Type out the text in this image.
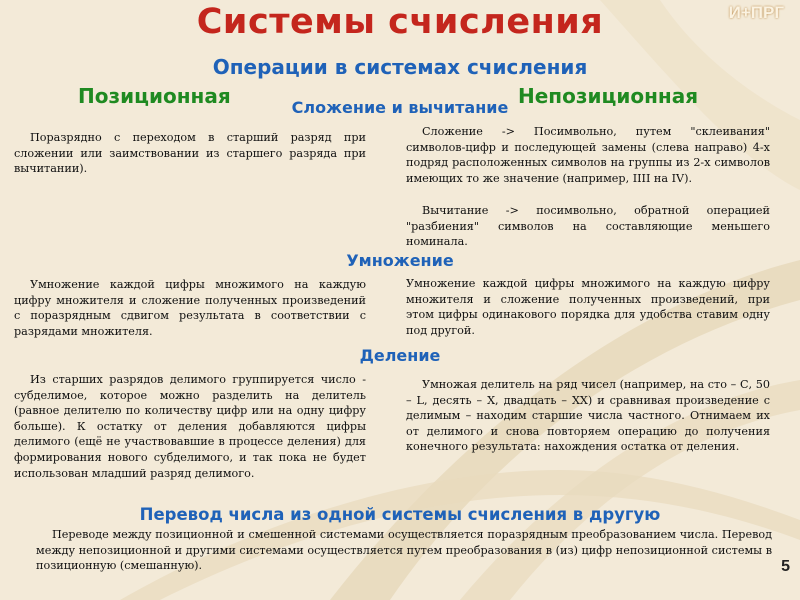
Системы счисления	И+ПРГ
Операции в системах счисления
Позиционная	Непозиционная
Сложение и вычитание
Поразрядно с переходом в старший разряд при сложении или заимствовании из старшего разряда при вычитании).
Сложение -> Посимвольно, путем "склеивания" символов-цифр и последующей замены (слева направо) 4-х подряд расположенных символов на группы из 2-х символов имеющих то же значение (например, IIII на IV).
Вычитание -> посимвольно, обратной операцией "разбиения" символов на составляющие меньшего номинала.
Умножение
Умножение каждой цифры множимого на каждую цифру множителя и сложение полученных произведений с поразрядным сдвигом результата в соответствии с разрядами множителя.
Умножение каждой цифры множимого на каждую цифру множителя и сложение полученных произведений, при этом цифры одинакового порядка для удобства ставим одну под другой.
Деление
Из старших разрядов делимого группируется число - субделимое, которое можно разделить на делитель (равное делителю по количеству цифр или на одну цифру больше). К остатку от деления добавляются цифры делимого (ещё не участвовавшие в процессе деления) для формирования нового субделимого, и так пока не будет использован младший разряд делимого.
Умножая делитель на ряд чисел (например, на сто – С, 50 – L, десять – X, двадцать – XX) и сравнивая произведение с делимым – находим старшие числа частного. Отнимаем их от делимого и снова повторяем операцию до получения конечного результата: нахождения остатка от деления.
Перевод числа из одной системы счисления в другую
Переводе между позиционной и смешенной системами осуществляется поразрядным преобразованием числа. Перевод между непозиционной и другими системами осуществляется путем преобразования в (из) цифр непозиционной системы в позиционную (смешанную).	5
